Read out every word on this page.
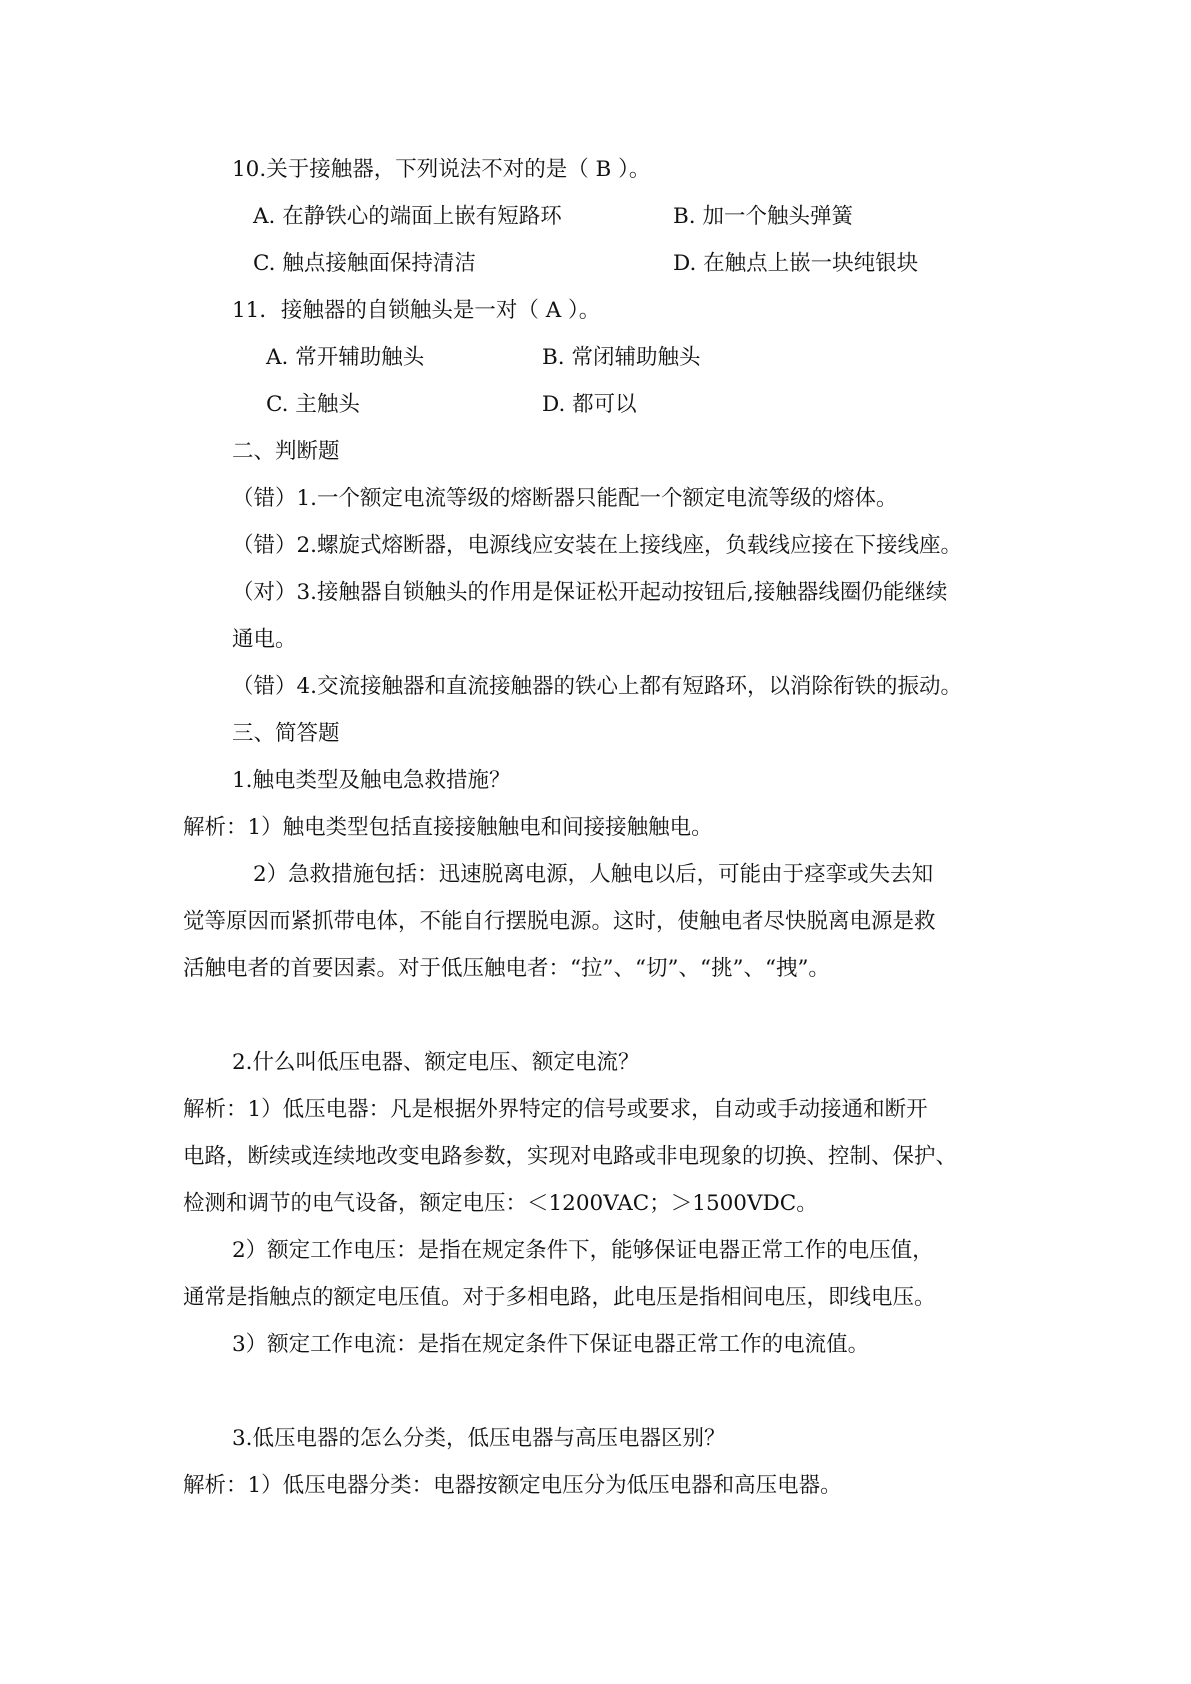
10.关于接触器，下列说法不对的是（ B ）。
A. 在静铁心的端面上嵌有短路环	B. 加一个触头弹簧
C. 触点接触面保持清洁	D. 在触点上嵌一块纯银块
11．接触器的自锁触头是一对（ A ）。
A. 常开辅助触头	B. 常闭辅助触头
C. 主触头	D. 都可以
二、判断题
（错）1.一个额定电流等级的熔断器只能配一个额定电流等级的熔体。
（错）2.螺旋式熔断器，电源线应安装在上接线座，负载线应接在下接线座。
（对）3.接触器自锁触头的作用是保证松开起动按钮后,接触器线圈仍能继续
通电。
（错）4.交流接触器和直流接触器的铁心上都有短路环，以消除衔铁的振动。
三、简答题
1.触电类型及触电急救措施？
解析：1）触电类型包括直接接触触电和间接接触触电。
2）急救措施包括：迅速脱离电源，人触电以后，可能由于痉挛或失去知
觉等原因而紧抓带电体，不能自行摆脱电源。这时，使触电者尽快脱离电源是救
活触电者的首要因素。对于低压触电者：“拉”、“切”、“挑”、“拽”。
2.什么叫低压电器、额定电压、额定电流？
解析：1）低压电器：凡是根据外界特定的信号或要求，自动或手动接通和断开
电路，断续或连续地改变电路参数，实现对电路或非电现象的切换、控制、保护、
检测和调节的电气设备，额定电压：＜1200VAC；＞1500VDC。
2）额定工作电压：是指在规定条件下，能够保证电器正常工作的电压值，
通常是指触点的额定电压值。对于多相电路，此电压是指相间电压，即线电压。
3）额定工作电流：是指在规定条件下保证电器正常工作的电流值。
3.低压电器的怎么分类，低压电器与高压电器区别？
解析：1）低压电器分类：电器按额定电压分为低压电器和高压电器。
